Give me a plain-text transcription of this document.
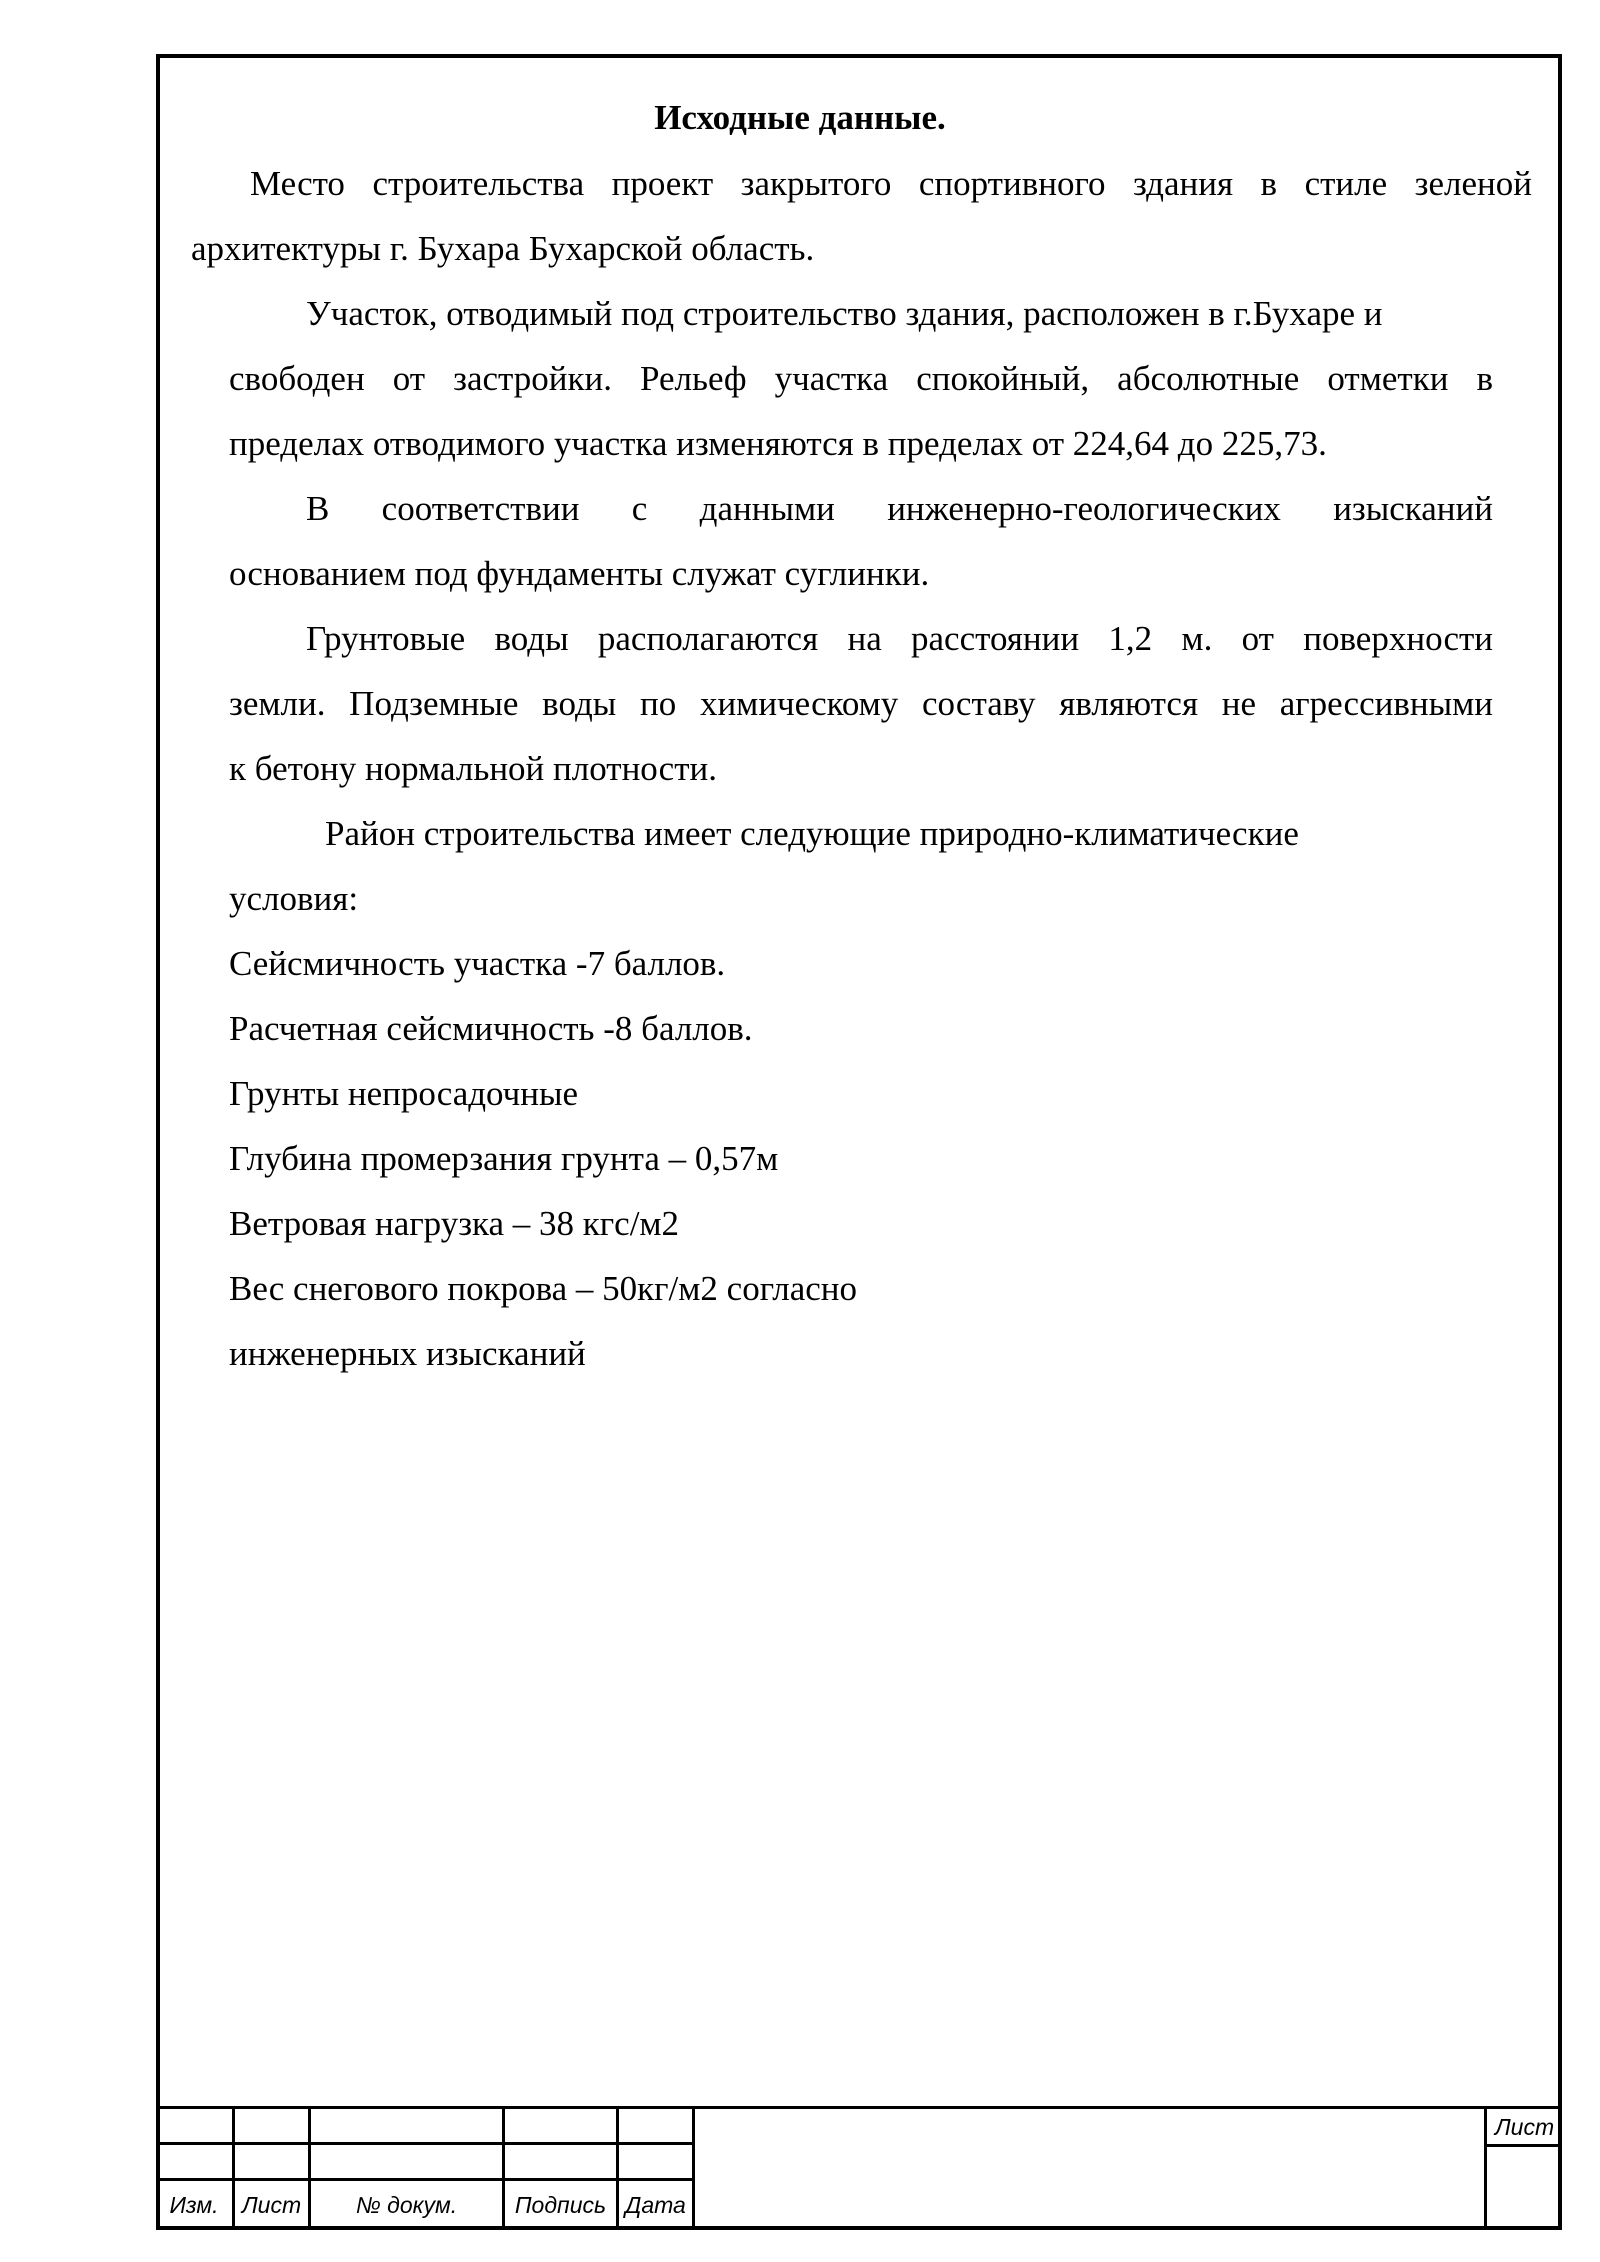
Исходные данные.
Место строительства проект закрытого спортивного здания в стиле зеленой
архитектуры г. Бухара Бухарской область.
Участок, отводимый под строительство здания, расположен в г.Бухаре и
свободен от застройки. Рельеф участка спокойный, абсолютные отметки в
пределах отводимого участка изменяются в пределах от 224,64 до 225,73.
В соответствии с данными инженерно-геологических изысканий
основанием под фундаменты служат суглинки.
Грунтовые воды располагаются на расстоянии 1,2 м. от поверхности
земли. Подземные воды по химическому составу являются не агрессивными
к бетону нормальной плотности.
Район строительства имеет следующие природно-климатические
условия:
Сейсмичность участка -7 баллов.
Расчетная сейсмичность -8 баллов.
Грунты непросадочные
Глубина промерзания грунта – 0,57м
Ветровая нагрузка – 38 кгс/м2
Вес снегового покрова – 50кг/м2 согласно
инженерных изысканий
Изм.	Лист	№ докум.	Подпись Дата
Лист
